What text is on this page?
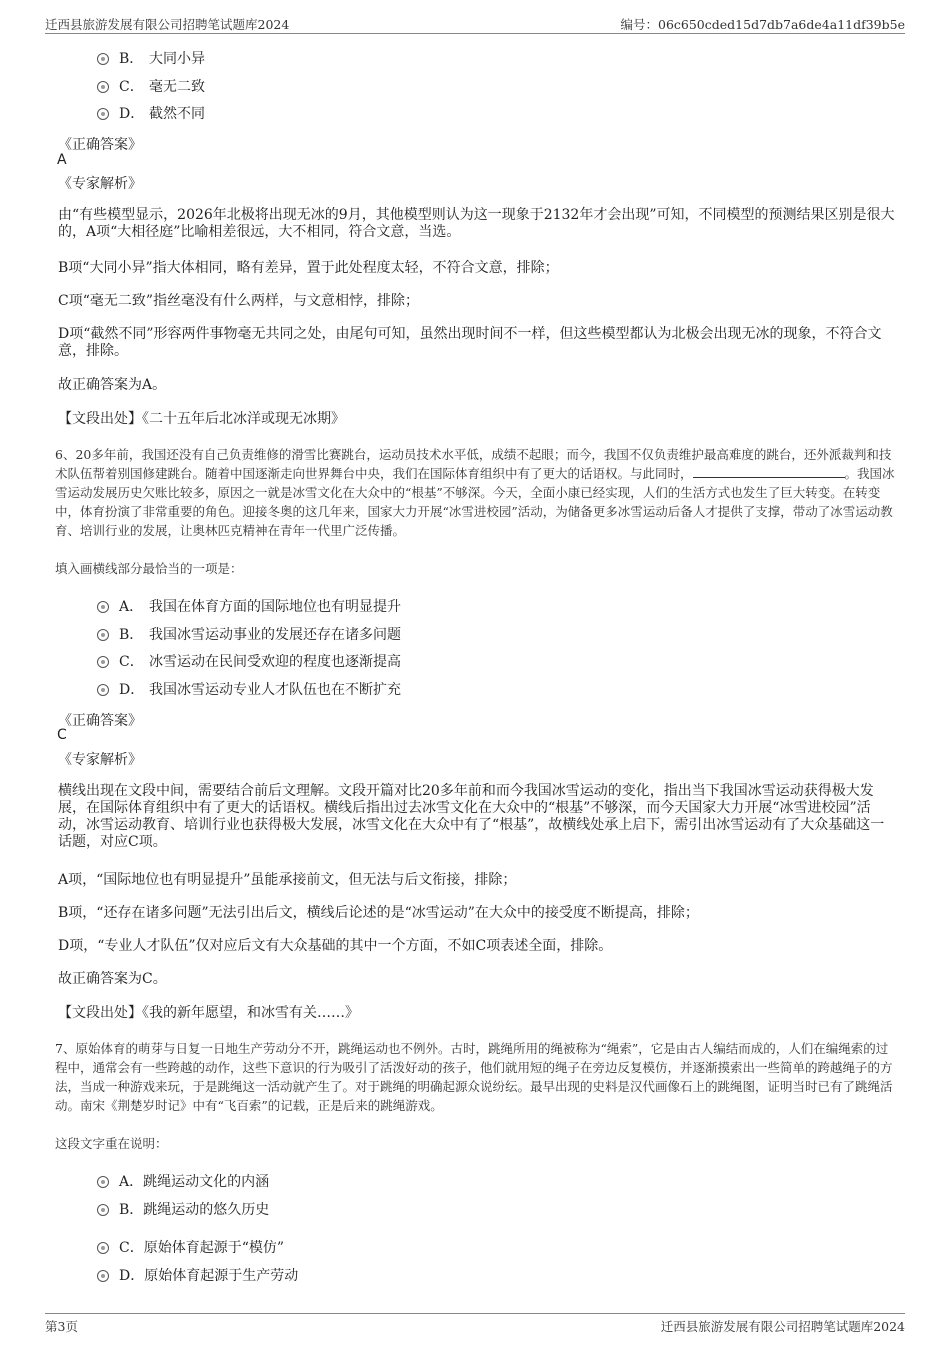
迁西县旅游发展有限公司招聘笔试题库2024	编号：06c650cded15d7db7a6de4a11df39b5e
B． 大同小异
C． 毫无二致
D． 截然不同
《正确答案》
A
《专家解析》
由“有些模型显示，2026年北极将出现无冰的9月，其他模型则认为这一现象于2132年才会出现”可知，不同模型的预测结果区别是很大的，A项“大相径庭”比喻相差很远，大不相同，符合文意，当选。
B项“大同小异”指大体相同，略有差异，置于此处程度太轻，不符合文意，排除；
C项“毫无二致”指丝毫没有什么两样，与文意相悖，排除；
D项“截然不同”形容两件事物毫无共同之处，由尾句可知，虽然出现时间不一样，但这些模型都认为北极会出现无冰的现象，不符合文意，排除。
故正确答案为A。
【文段出处】《二十五年后北冰洋或现无冰期》
6、20多年前，我国还没有自己负责维修的滑雪比赛跳台，运动员技术水平低，成绩不起眼；而今，我国不仅负责维护最高难度的跳台，还外派裁判和技术队伍帮着别国修建跳台。随着中国逐渐走向世界舞台中央，我们在国际体育组织中有了更大的话语权。与此同时，	。我国冰雪运动发展历史欠账比较多，原因之一就是冰雪文化在大众中的“根基”不够深。今天，全面小康已经实现，人们的生活方式也发生了巨大转变。在转变中，体育扮演了非常重要的角色。迎接冬奥的这几年来，国家大力开展“冰雪进校园”活动，为储备更多冰雪运动后备人才提供了支撑，带动了冰雪运动教育、培训行业的发展，让奥林匹克精神在青年一代里广泛传播。
填入画横线部分最恰当的一项是：
A． 我国在体育方面的国际地位也有明显提升
B． 我国冰雪运动事业的发展还存在诸多问题
C． 冰雪运动在民间受欢迎的程度也逐渐提高
D． 我国冰雪运动专业人才队伍也在不断扩充
《正确答案》
C
《专家解析》
横线出现在文段中间，需要结合前后文理解。文段开篇对比20多年前和而今我国冰雪运动的变化，指出当下我国冰雪运动获得极大发展，在国际体育组织中有了更大的话语权。横线后指出过去冰雪文化在大众中的“根基”不够深，而今天国家大力开展“冰雪进校园”活动，冰雪运动教育、培训行业也获得极大发展，冰雪文化在大众中有了“根基”，故横线处承上启下，需引出冰雪运动有了大众基础这一话题，对应C项。
A项，“国际地位也有明显提升”虽能承接前文，但无法与后文衔接，排除；
B项，“还存在诸多问题”无法引出后文，横线后论述的是“冰雪运动”在大众中的接受度不断提高，排除；
D项，“专业人才队伍”仅对应后文有大众基础的其中一个方面，不如C项表述全面，排除。
故正确答案为C。
【文段出处】《我的新年愿望，和冰雪有关……》
7、原始体育的萌芽与日复一日地生产劳动分不开，跳绳运动也不例外。古时，跳绳所用的绳被称为“绳索”，它是由古人编结而成的，人们在编绳索的过程中，通常会有一些跨越的动作，这些下意识的行为吸引了活泼好动的孩子，他们就用短的绳子在旁边反复模仿，并逐渐摸索出一些简单的跨越绳子的方法，当成一种游戏来玩，于是跳绳这一活动就产生了。对于跳绳的明确起源众说纷纭。最早出现的史料是汉代画像石上的跳绳图，证明当时已有了跳绳活动。南宋《荆楚岁时记》中有“飞百索”的记载，正是后来的跳绳游戏。
这段文字重在说明：
A．跳绳运动文化的内涵
B．跳绳运动的悠久历史
C．原始体育起源于“模仿”
D．原始体育起源于生产劳动
第3页	迁西县旅游发展有限公司招聘笔试题库2024
